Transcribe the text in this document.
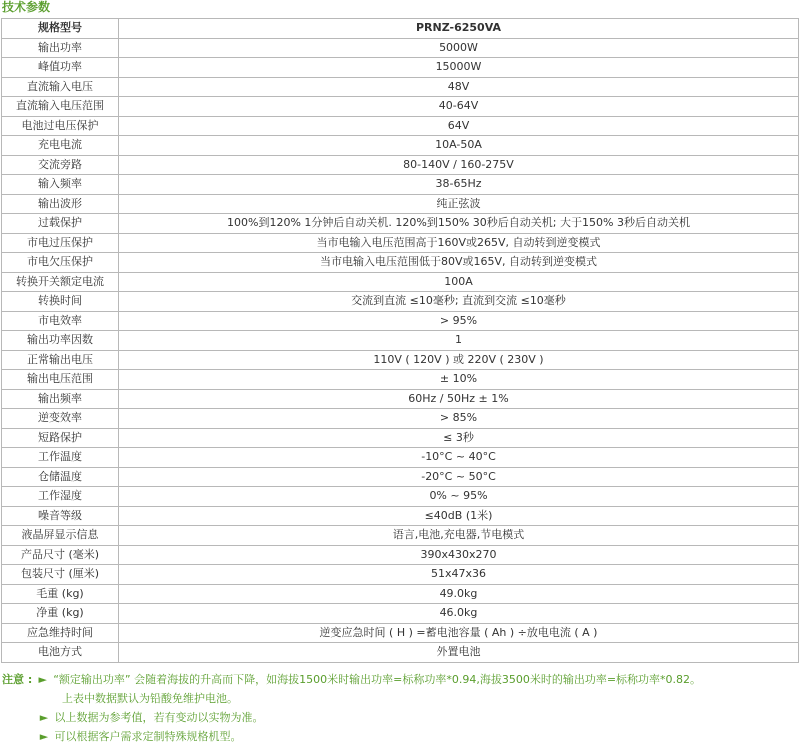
技术参数
规格型号	PRNZ-6250VA
输出功率	5000W
峰值功率	15000W
直流输入电压	48V
直流输入电压范围	40-64V
电池过电压保护	64V
充电电流	10A-50A
交流旁路	80-140V / 160-275V
输入频率	38-65Hz
输出波形	纯正弦波
过载保护	100%到120% 1分钟后自动关机. 120%到150% 30秒后自动关机; 大于150% 3秒后自动关机
市电过压保护	当市电输入电压范围高于160V或265V, 自动转到逆变模式
市电欠压保护	当市电输入电压范围低于80V或165V, 自动转到逆变模式
转换开关额定电流	100A
转换时间	交流到直流 ≤10毫秒; 直流到交流 ≤10毫秒
市电效率	> 95%
输出功率因数	1
正常输出电压	110V ( 120V ) 或 220V ( 230V )
输出电压范围	± 10%
输出频率	60Hz / 50Hz ± 1%
逆变效率	> 85%
短路保护	≤ 3秒
工作温度	-10°C ~ 40°C
仓储温度	-20°C ~ 50°C
工作湿度	0% ~ 95%
噪音等级	≤40dB (1米)
液晶屏显示信息	语言,电池,充电器,节电模式
产品尺寸 (毫米)	390x430x270
包装尺寸 (厘米)	51x47x36
毛重 (kg)	49.0kg
净重 (kg)	46.0kg
应急维持时间	逆变应急时间 ( H ) =蓄电池容量 ( Ah ) ÷放电电流 ( A )
电池方式	外置电池
注意 : ► “额定输出功率” 会随着海拔的升高而下降，如海拔1500米时输出功率=标称功率*0.94,海拔3500米时的输出功率=标称功率*0.82。
上表中数据默认为铅酸免维护电池。
► 以上数据为参考值，若有变动以实物为准。
► 可以根据客户需求定制特殊规格机型。
